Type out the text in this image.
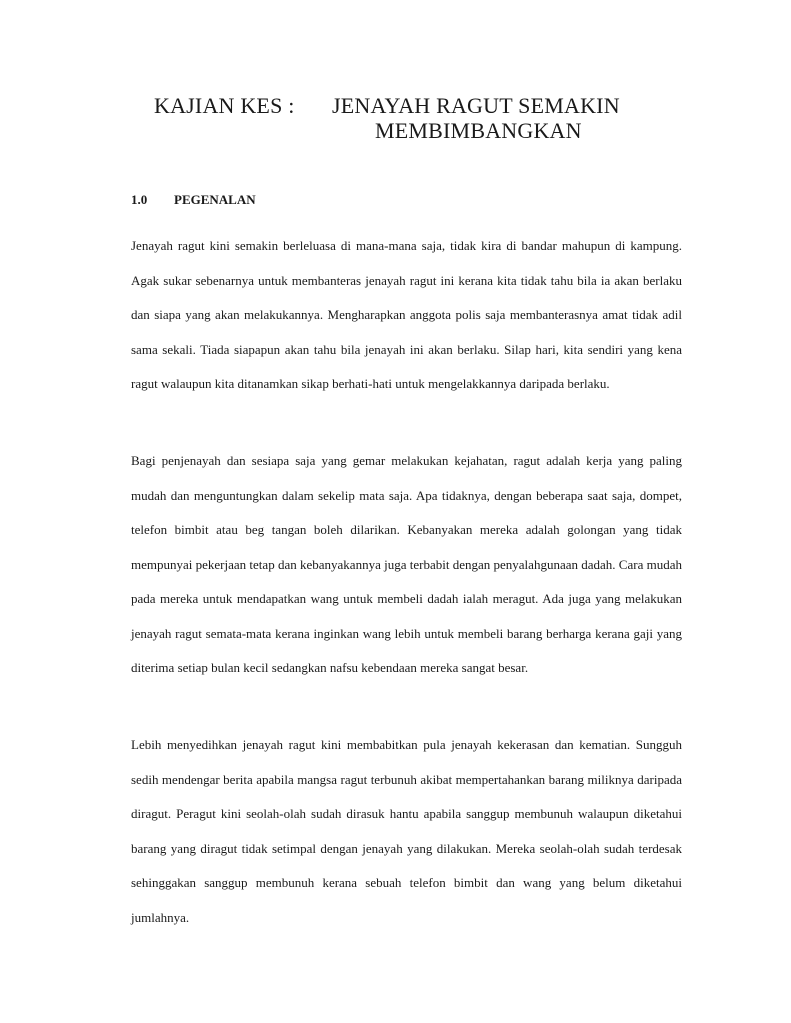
KAJIAN KES : JENAYAH RAGUT SEMAKIN
MEMBIMBANGKAN
1.0 PEGENALAN

Jenayah ragut kini semakin berleluasa di mana-mana saja, tidak kira di bandar mahupun di kampung. Agak sukar sebenarnya untuk membanteras jenayah ragut ini kerana kita tidak tahu bila ia akan berlaku dan siapa yang akan melakukannya. Mengharapkan anggota polis saja membanterasnya amat tidak adil sama sekali. Tiada siapapun akan tahu bila jenayah ini akan berlaku. Silap hari, kita sendiri yang kena ragut walaupun kita ditanamkan sikap berhati-hati untuk mengelakkannya daripada berlaku.

Bagi penjenayah dan sesiapa saja yang gemar melakukan kejahatan, ragut adalah kerja yang paling mudah dan menguntungkan dalam sekelip mata saja. Apa tidaknya, dengan beberapa saat saja, dompet, telefon bimbit atau beg tangan boleh dilarikan. Kebanyakan mereka adalah golongan yang tidak mempunyai pekerjaan tetap dan kebanyakannya juga terbabit dengan penyalahgunaan dadah. Cara mudah pada mereka untuk mendapatkan wang untuk membeli dadah ialah meragut. Ada juga yang melakukan jenayah ragut semata-mata kerana inginkan wang lebih untuk membeli barang berharga kerana gaji yang diterima setiap bulan kecil sedangkan nafsu kebendaan mereka sangat besar.

Lebih menyedihkan jenayah ragut kini membabitkan pula jenayah kekerasan dan kematian. Sungguh sedih mendengar berita apabila mangsa ragut terbunuh akibat mempertahankan barang miliknya daripada diragut. Peragut kini seolah-olah sudah dirasuk hantu apabila sanggup membunuh walaupun diketahui barang yang diragut tidak setimpal dengan jenayah yang dilakukan. Mereka seolah-olah sudah terdesak sehinggakan sanggup membunuh kerana sebuah telefon bimbit dan wang yang belum diketahui jumlahnya.
